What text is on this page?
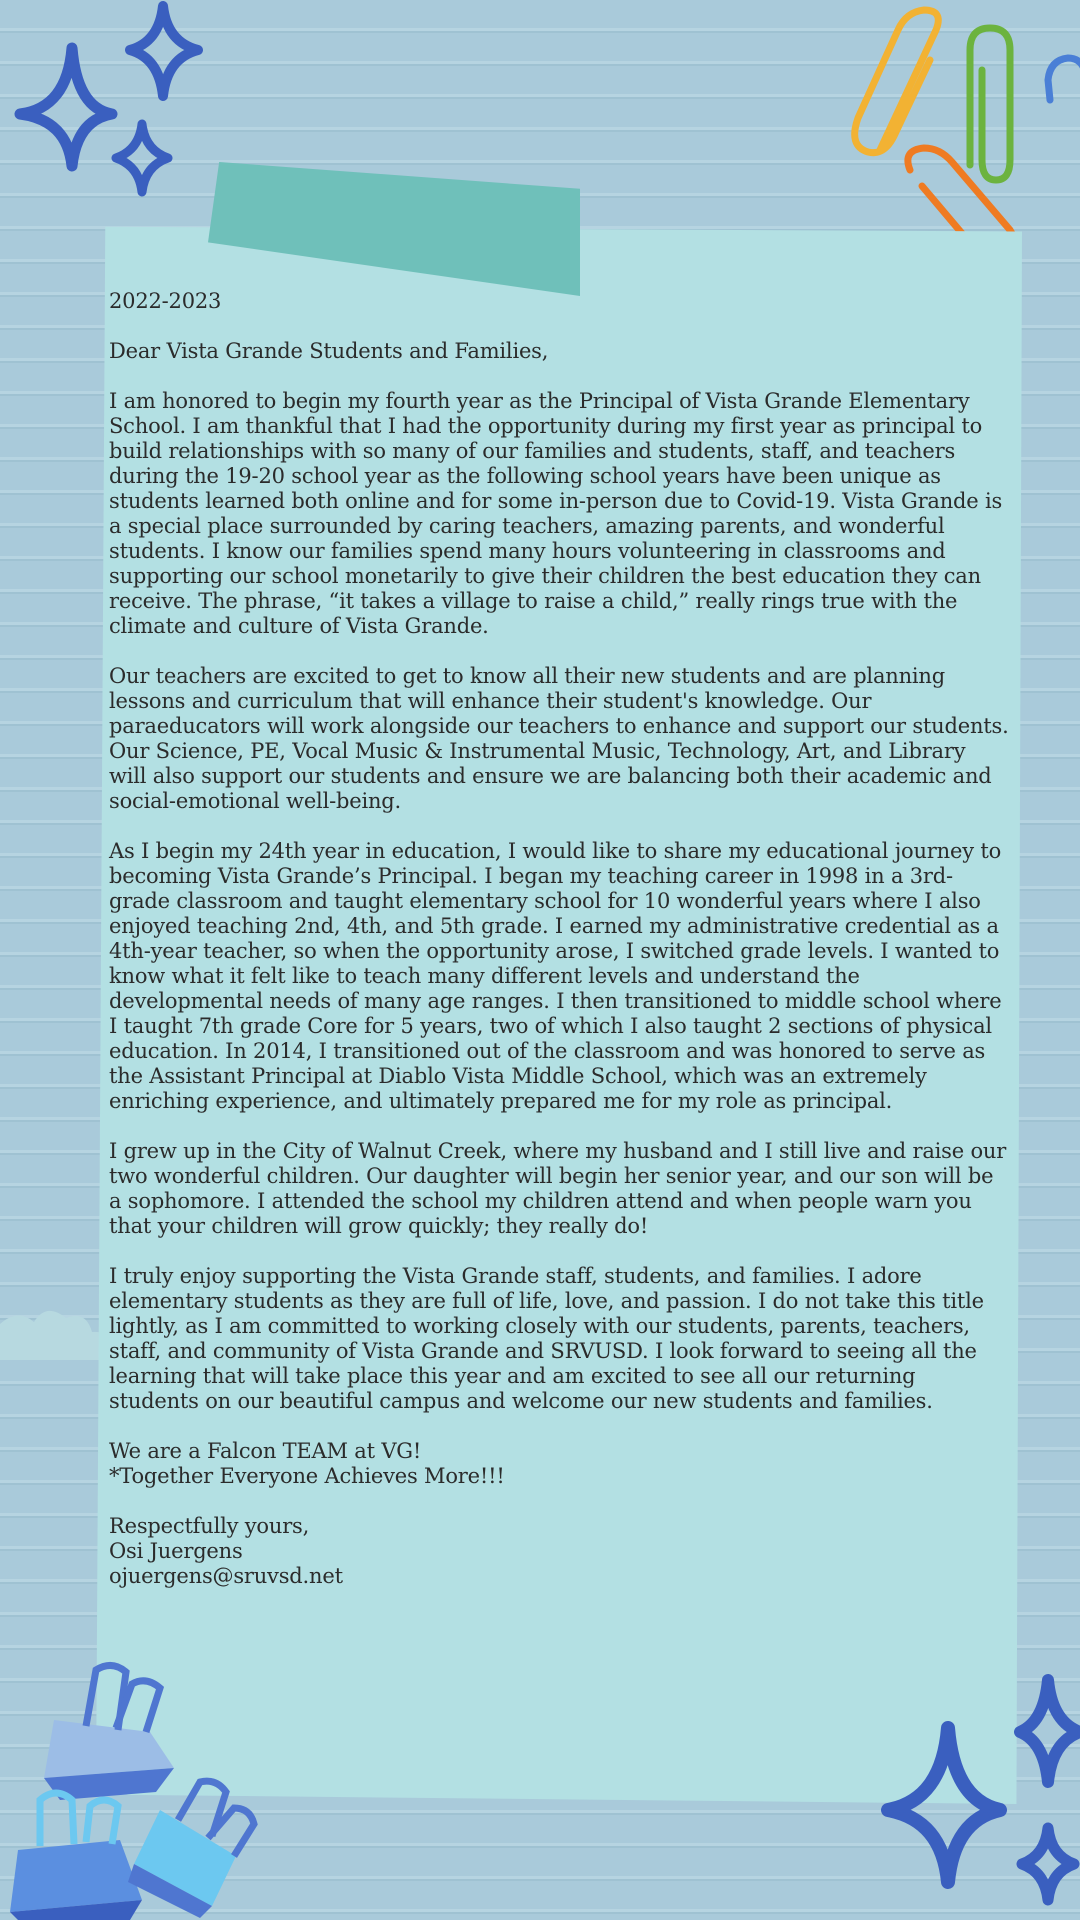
2022-2023

Dear Vista Grande Students and Families,

I am honored to begin my fourth year as the Principal of Vista Grande Elementary School. I am thankful that I had the opportunity during my first year as principal to build relationships with so many of our families and students, staff, and teachers during the 19-20 school year as the following school years have been unique as students learned both online and for some in-person due to Covid-19. Vista Grande is a special place surrounded by caring teachers, amazing parents, and wonderful students. I know our families spend many hours volunteering in classrooms and supporting our school monetarily to give their children the best education they can receive. The phrase, “it takes a village to raise a child,” really rings true with the climate and culture of Vista Grande.

Our teachers are excited to get to know all their new students and are planning lessons and curriculum that will enhance their student's knowledge. Our paraeducators will work alongside our teachers to enhance and support our students. Our Science, PE, Vocal Music & Instrumental Music, Technology, Art, and Library will also support our students and ensure we are balancing both their academic and social-emotional well-being.

As I begin my 24th year in education, I would like to share my educational journey to becoming Vista Grande’s Principal. I began my teaching career in 1998 in a 3rd-grade classroom and taught elementary school for 10 wonderful years where I also enjoyed teaching 2nd, 4th, and 5th grade. I earned my administrative credential as a 4th-year teacher, so when the opportunity arose, I switched grade levels. I wanted to know what it felt like to teach many different levels and understand the developmental needs of many age ranges. I then transitioned to middle school where I taught 7th grade Core for 5 years, two of which I also taught 2 sections of physical education. In 2014, I transitioned out of the classroom and was honored to serve as the Assistant Principal at Diablo Vista Middle School, which was an extremely enriching experience, and ultimately prepared me for my role as principal.

I grew up in the City of Walnut Creek, where my husband and I still live and raise our two wonderful children. Our daughter will begin her senior year, and our son will be a sophomore. I attended the school my children attend and when people warn you that your children will grow quickly; they really do!

I truly enjoy supporting the Vista Grande staff, students, and families. I adore elementary students as they are full of life, love, and passion. I do not take this title lightly, as I am committed to working closely with our students, parents, teachers, staff, and community of Vista Grande and SRVUSD. I look forward to seeing all the learning that will take place this year and am excited to see all our returning students on our beautiful campus and welcome our new students and families.

We are a Falcon TEAM at VG!
*Together Everyone Achieves More!!!

Respectfully yours,
Osi Juergens
ojuergens@sruvsd.net
